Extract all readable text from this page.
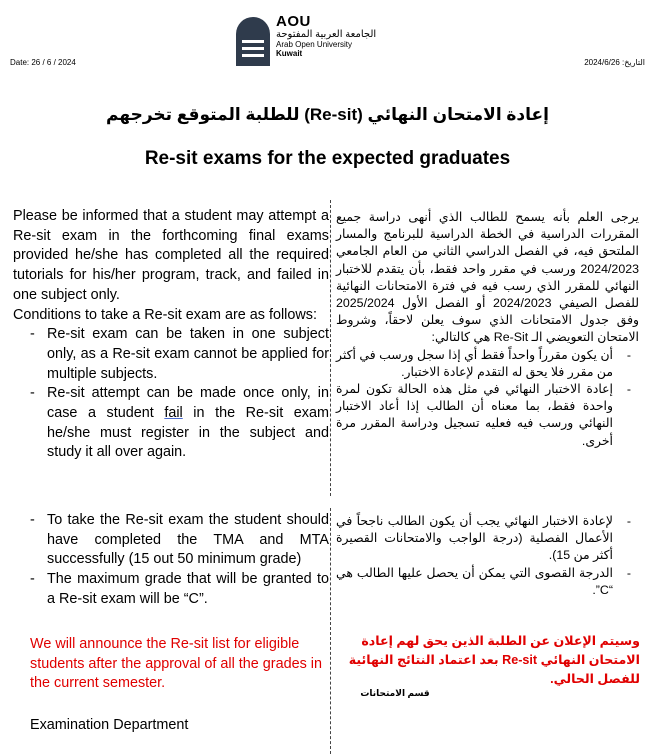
AOU
الجامعة العربية المفتوحة
Arab Open University
Kuwait
Date: 26 / 6 / 2024	التاريخ: 2024/6/26
إعادة الامتحان النهائي (Re-sit) للطلبة المتوقع تخرجهم
Re-sit exams for the expected graduates

Please be informed that a student may attempt a Re-sit exam in the forthcoming final exams provided he/she has completed all the required tutorials for his/her program, track, and failed in one subject only.

Conditions to take a Re-sit exam are as follows:

- Re-sit exam can be taken in one subject only, as a Re-sit exam cannot be applied for multiple subjects.
- Re-sit attempt can be made once only, in case a student fail in the Re-sit exam he/she must register in the subject and study it all over again.
- To take the Re-sit exam the student should have completed the TMA and MTA successfully (15 out 50 minimum grade)
- The maximum grade that will be granted to a Re-sit exam will be “C”.

يرجى العلم بأنه يسمح للطالب الذي أنهى دراسة جميع المقررات الدراسية في الخطة الدراسية للبرنامج والمسار الملتحق فيه، في الفصل الدراسي الثاني من العام الجامعي 2024/2023 ورسب في مقرر واحد فقط، بأن يتقدم للاختبار النهائي للمقرر الذي رسب فيه في فترة الامتحانات النهائية للفصل الصيفي 2024/2023 أو الفصل الأول 2025/2024 وفق جدول الامتحانات الذي سوف يعلن لاحقاً، وشروط الامتحان التعويضي الـ Re-Sit هي كالتالي:

- أن يكون مقرراً واحداً فقط أي إذا سجل ورسب في أكثر من مقرر فلا يحق له التقدم لإعادة الاختبار.
- إعادة الاختبار النهائي في مثل هذه الحالة تكون لمرة واحدة فقط، بما معناه أن الطالب إذا أعاد الاختبار النهائي ورسب فيه فعليه تسجيل ودراسة المقرر مرة أخرى.
- لإعادة الاختبار النهائي يجب أن يكون الطالب ناجحاً في الأعمال الفصلية (درجة الواجب والامتحانات القصيرة أكثر من 15).
- الدرجة القصوى التي يمكن أن يحصل عليها الطالب هي “C”.
We will announce the Re-sit list for eligible students after the approval of all the grades in the current semester.
وسيتم الإعلان عن الطلبة الذين يحق لهم إعادة الامتحان النهائي Re-sit بعد اعتماد النتائج النهائية للفصل الحالي.
قسم الامتحانات
Examination Department
